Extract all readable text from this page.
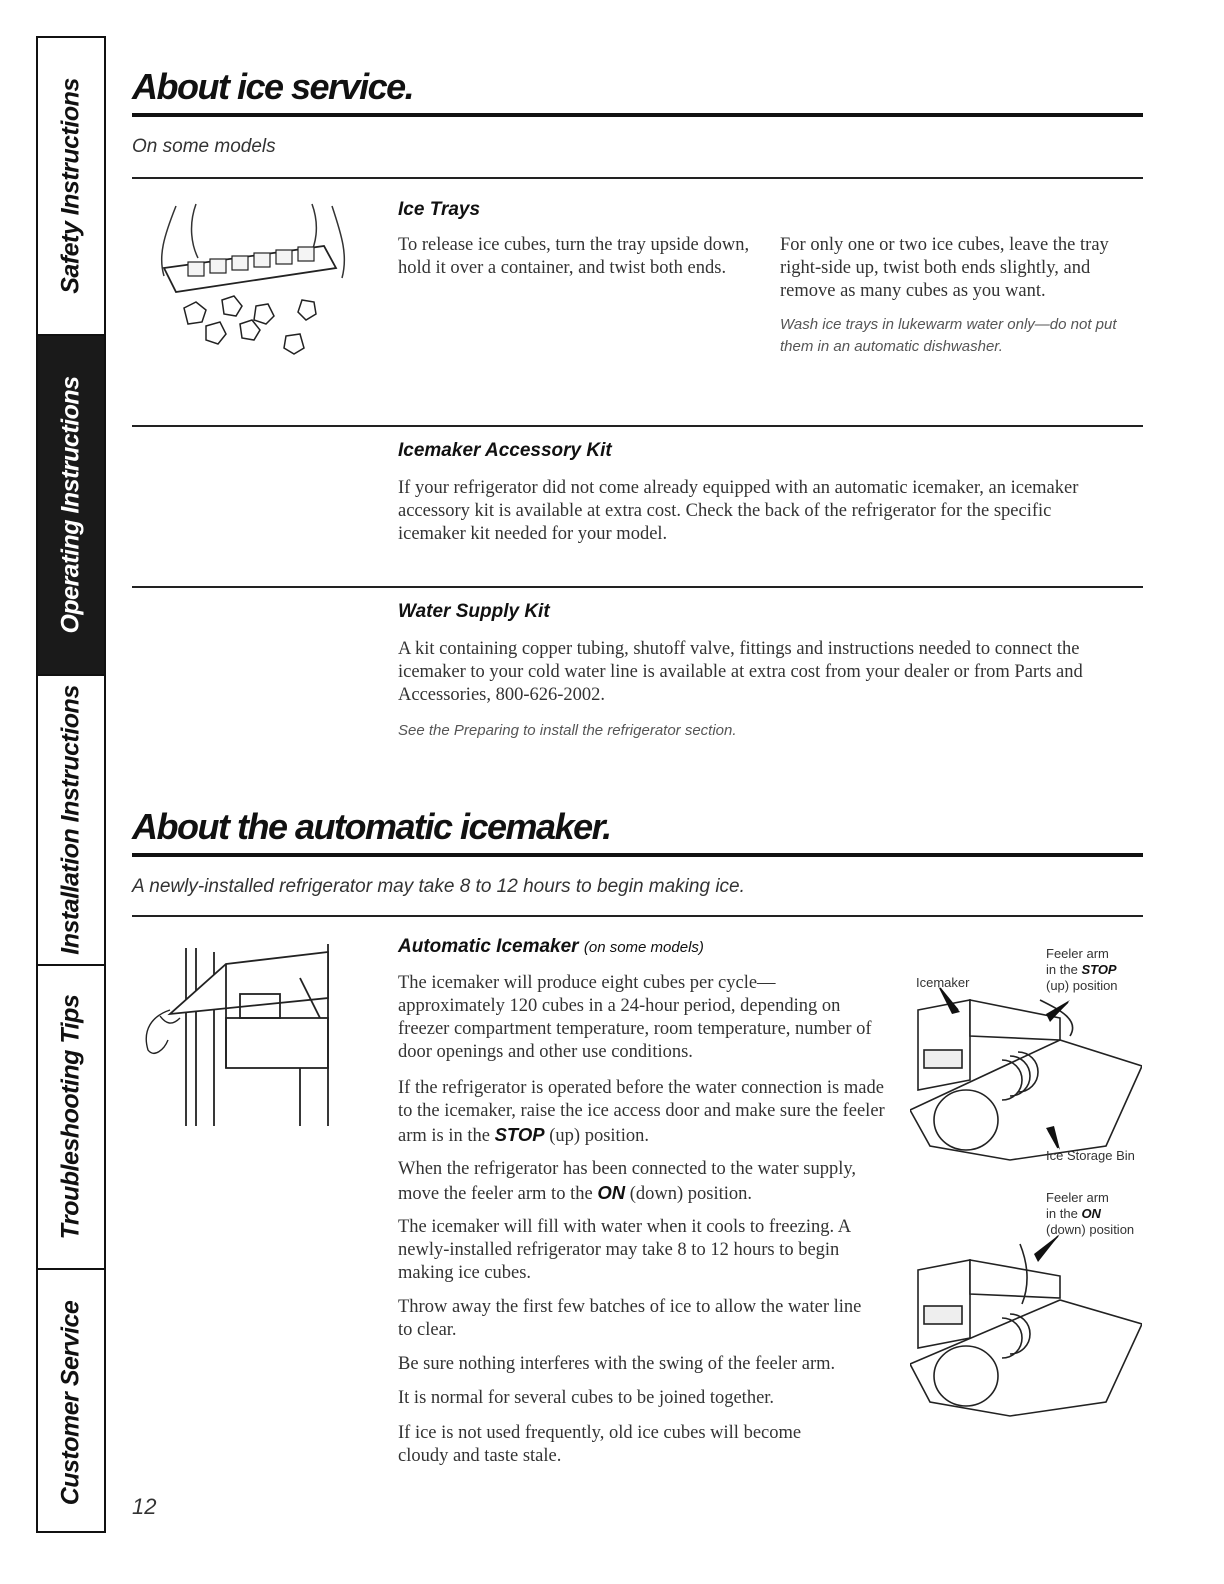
Safety Instructions
Operating Instructions
Installation Instructions
Troubleshooting Tips
Customer Service
About ice service.
On some models
Ice Trays

To release ice cubes, turn the tray upside down, hold it over a container, and twist both ends.

For only one or two ice cubes, leave the tray right-side up, twist both ends slightly, and remove as many cubes as you want.

Wash ice trays in lukewarm water only—do not put them in an automatic dishwasher.
Icemaker Accessory Kit

If your refrigerator did not come already equipped with an automatic icemaker, an icemaker accessory kit is available at extra cost. Check the back of the refrigerator for the specific icemaker kit needed for your model.

Water Supply Kit

A kit containing copper tubing, shutoff valve, fittings and instructions needed to connect the icemaker to your cold water line is available at extra cost from your dealer or from Parts and Accessories, 800-626-2002.

See the Preparing to install the refrigerator section.
About the automatic icemaker.
A newly-installed refrigerator may take 8 to 12 hours to begin making ice.
Automatic Icemaker (on some models)

The icemaker will produce eight cubes per cycle—approximately 120 cubes in a 24-hour period, depending on freezer compartment temperature, room temperature, number of door openings and other use conditions.

If the refrigerator is operated before the water connection is made to the icemaker, raise the ice access door and make sure the feeler arm is in the STOP (up) position.

When the refrigerator has been connected to the water supply, move the feeler arm to the ON (down) position.

The icemaker will fill with water when it cools to freezing. A newly-installed refrigerator may take 8 to 12 hours to begin making ice cubes.

Throw away the first few batches of ice to allow the water line to clear.

Be sure nothing interferes with the swing of the feeler arm.

It is normal for several cubes to be joined together.

If ice is not used frequently, old ice cubes will become cloudy and taste stale.

Feeler arm
in the STOP
(up) position
Icemaker
Ice Storage Bin
Feeler arm
in the ON
(down) position
12
